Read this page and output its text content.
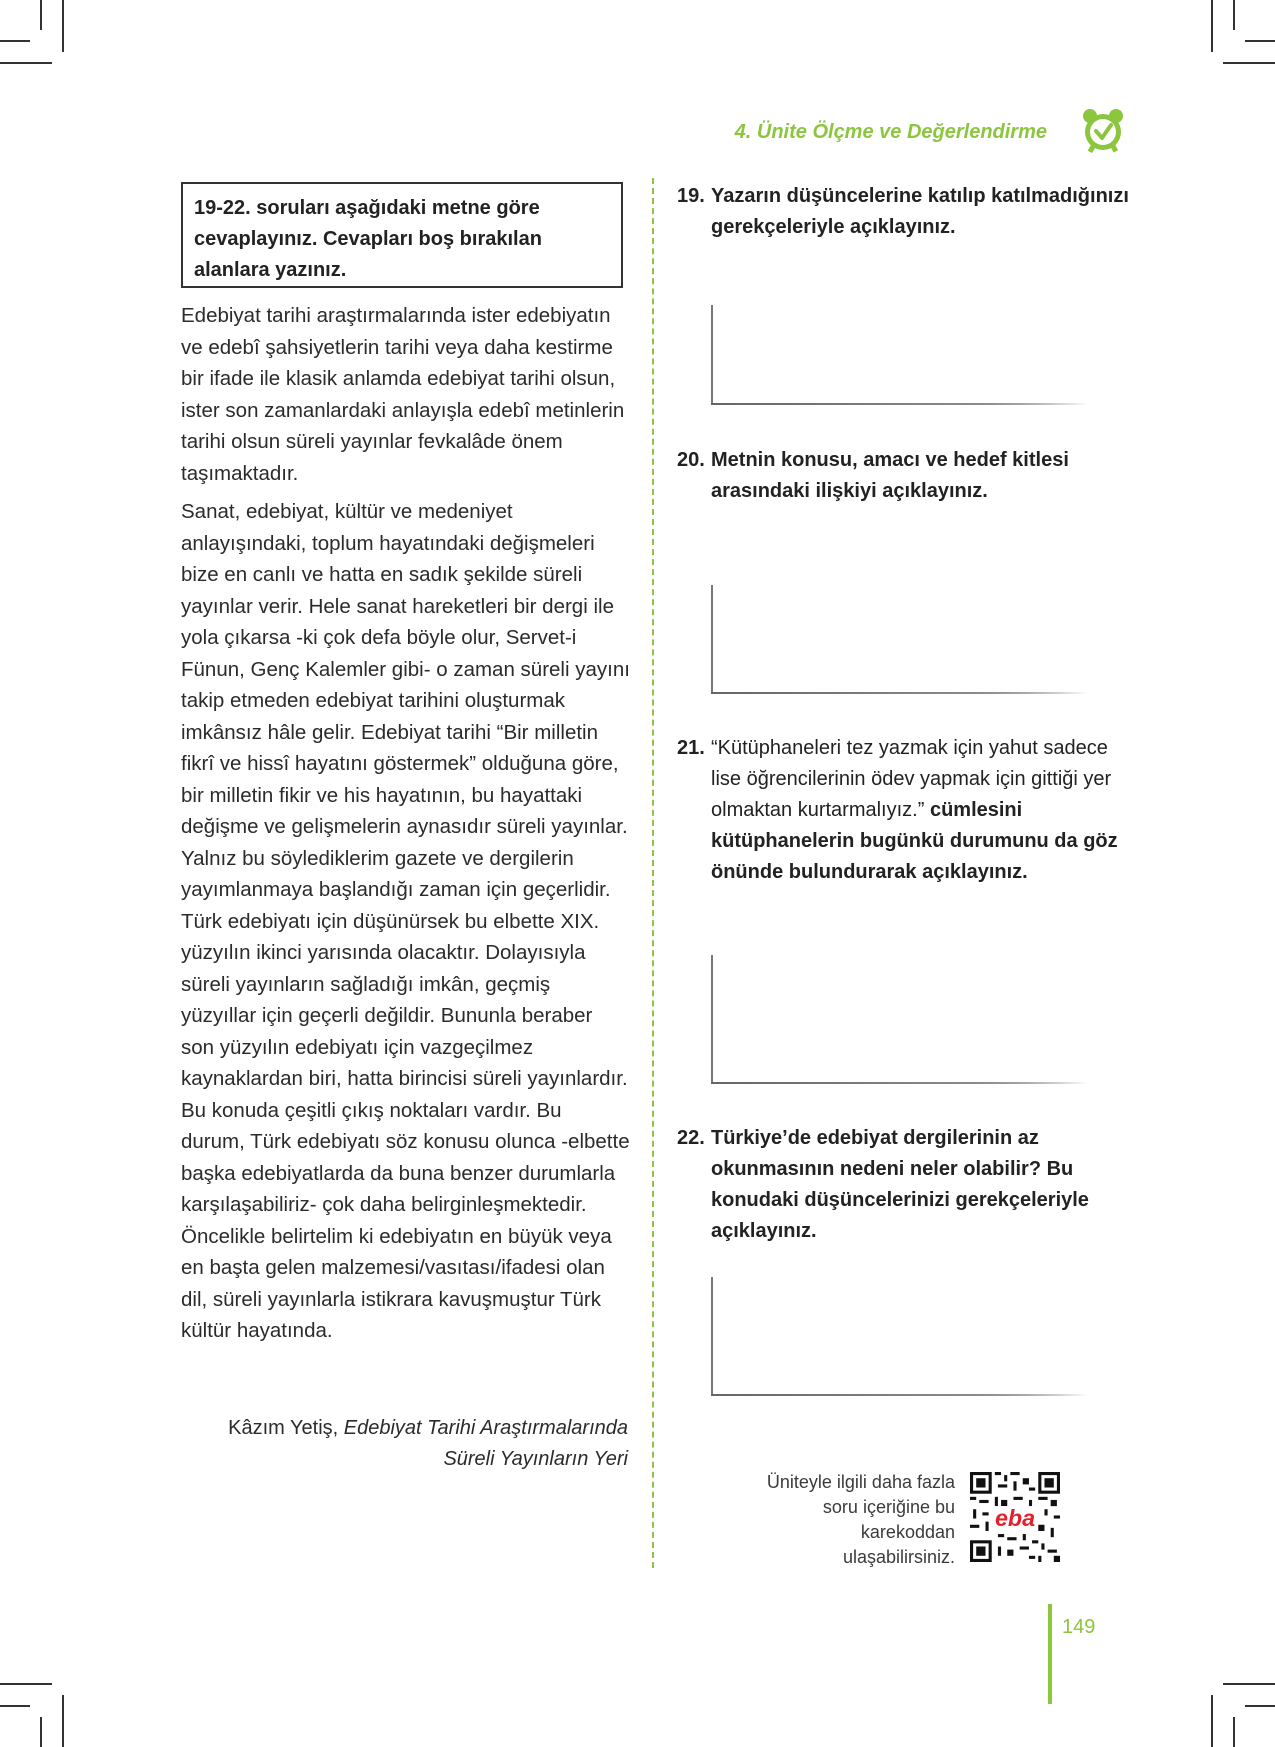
4. Ünite Ölçme ve Değerlendirme
19-22. soruları aşağıdaki metne göre cevaplayınız. Cevapları boş bırakılan alanlara yazınız.

Edebiyat tarihi araştırmalarında ister edebiyatın ve edebî şahsiyetlerin tarihi veya daha kestirme bir ifade ile klasik anlamda edebiyat tarihi olsun, ister son zamanlardaki anlayışla edebî metinlerin tarihi olsun süreli yayınlar fevkalâde önem taşımaktadır.

Sanat, edebiyat, kültür ve medeniyet anlayışındaki, toplum hayatındaki değişmeleri bize en canlı ve hatta en sadık şekilde süreli yayınlar verir. Hele sanat hareketleri bir dergi ile yola çıkarsa -ki çok defa böyle olur, Servet-i Fünun, Genç Kalemler gibi- o zaman süreli yayını takip etmeden edebiyat tarihini oluşturmak imkânsız hâle gelir. Edebiyat tarihi “Bir milletin fikrî ve hissî hayatını göstermek” olduğuna göre, bir milletin fikir ve his hayatının, bu hayattaki değişme ve gelişmelerin aynasıdır süreli yayınlar. Yalnız bu söylediklerim gazete ve dergilerin yayımlanmaya başlandığı zaman için geçerlidir. Türk edebiyatı için düşünürsek bu elbette XIX. yüzyılın ikinci yarısında olacaktır. Dolayısıyla süreli yayınların sağladığı imkân, geçmiş yüzyıllar için geçerli değildir. Bununla beraber son yüzyılın edebiyatı için vazgeçilmez kaynaklardan biri, hatta birincisi süreli yayınlardır. Bu konuda çeşitli çıkış noktaları vardır. Bu durum, Türk edebiyatı söz konusu olunca -elbette başka edebiyatlarda da buna benzer durumlarla karşılaşabiliriz- çok daha belirginleşmektedir. Öncelikle belirtelim ki edebiyatın en büyük veya en başta gelen malzemesi/vasıtası/ifadesi olan dil, süreli yayınlarla istikrara kavuşmuştur Türk kültür hayatında.

Kâzım Yetiş, Edebiyat Tarihi Araştırmalarında Süreli Yayınların Yeri
19. Yazarın düşüncelerine katılıp katılmadığınızı gerekçeleriyle açıklayınız.
20. Metnin konusu, amacı ve hedef kitlesi arasındaki ilişkiyi açıklayınız.
21. “Kütüphaneleri tez yazmak için yahut sadece lise öğrencilerinin ödev yapmak için gittiği yer olmaktan kurtarmalıyız.” cümlesini kütüphanelerin bugünkü durumunu da göz önünde bulundurarak açıklayınız.
22. Türkiye’de edebiyat dergilerinin az okunmasının nedeni neler olabilir? Bu konudaki düşüncelerinizi gerekçeleriyle açıklayınız.
Üniteyle ilgili daha fazla soru içeriğine bu karekoddan ulaşabilirsiniz.
eba
149
